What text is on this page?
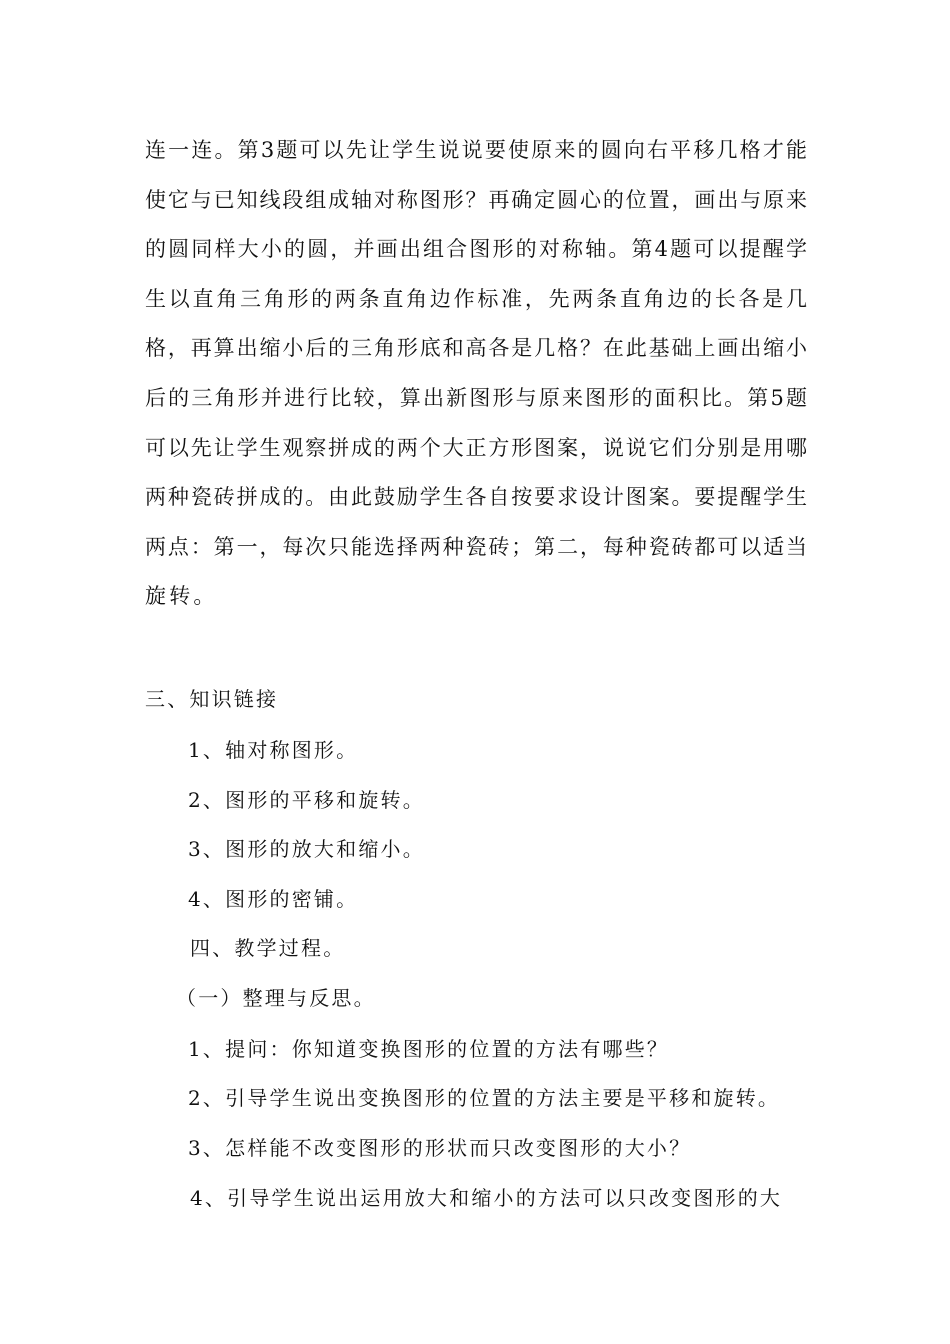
连一连。第3题可以先让学生说说要使原来的圆向右平移几格才能
使它与已知线段组成轴对称图形？再确定圆心的位置，画出与原来
的圆同样大小的圆，并画出组合图形的对称轴。第4题可以提醒学
生以直角三角形的两条直角边作标准，先两条直角边的长各是几
格，再算出缩小后的三角形底和高各是几格？在此基础上画出缩小
后的三角形并进行比较，算出新图形与原来图形的面积比。第5题
可以先让学生观察拼成的两个大正方形图案，说说它们分别是用哪
两种瓷砖拼成的。由此鼓励学生各自按要求设计图案。要提醒学生
两点：第一，每次只能选择两种瓷砖；第二，每种瓷砖都可以适当
旋转。

三、知识链接

1、轴对称图形。

2、图形的平移和旋转。

3、图形的放大和缩小。

4、图形的密铺。

四、教学过程。

（一）整理与反思。

1、提问：你知道变换图形的位置的方法有哪些？

2、引导学生说出变换图形的位置的方法主要是平移和旋转。

3、怎样能不改变图形的形状而只改变图形的大小？

4、引导学生说出运用放大和缩小的方法可以只改变图形的大
